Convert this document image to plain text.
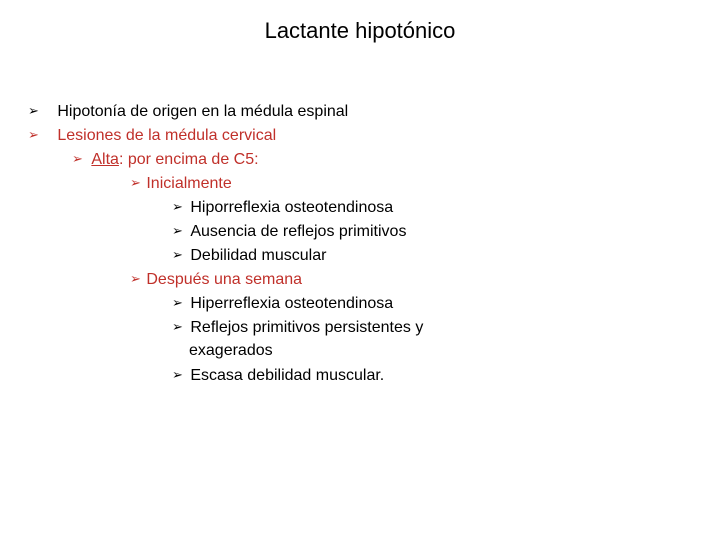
Lactante hipotónico
➢ Hipotonía de origen en la médula espinal
➢ Lesiones de la médula cervical
➢ Alta: por encima de C5:
➢ Inicialmente
➢ Hiporreflexia osteotendinosa
➢ Ausencia de reflejos primitivos
➢ Debilidad muscular
➢ Después una semana
➢ Hiperreflexia osteotendinosa
➢ Reflejos primitivos persistentes y
exagerados
➢ Escasa debilidad muscular.
